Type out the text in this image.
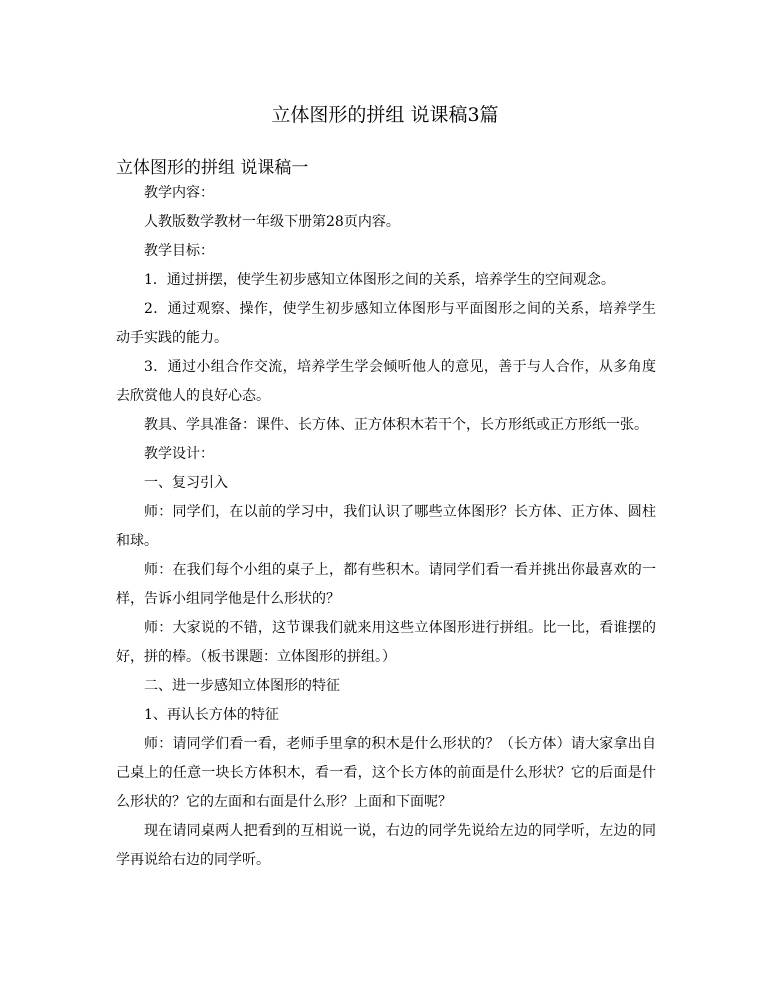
立体图形的拼组 说课稿3篇
立体图形的拼组 说课稿一

教学内容：

人教版数学教材一年级下册第28页内容。

教学目标：

1．通过拼摆，使学生初步感知立体图形之间的关系，培养学生的空间观念。

2．通过观察、操作，使学生初步感知立体图形与平面图形之间的关系，培养学生动手实践的能力。

3．通过小组合作交流，培养学生学会倾听他人的意见，善于与人合作，从多角度去欣赏他人的良好心态。

教具、学具准备：课件、长方体、正方体积木若干个，长方形纸或正方形纸一张。

教学设计：

一、复习引入

师：同学们，在以前的学习中，我们认识了哪些立体图形？长方体、正方体、圆柱和球。

师：在我们每个小组的桌子上，都有些积木。请同学们看一看并挑出你最喜欢的一样，告诉小组同学他是什么形状的？

师：大家说的不错，这节课我们就来用这些立体图形进行拼组。比一比，看谁摆的好，拼的棒。（板书课题：立体图形的拼组。）

二、进一步感知立体图形的特征

1、再认长方体的特征

师：请同学们看一看，老师手里拿的积木是什么形状的？（长方体）请大家拿出自己桌上的任意一块长方体积木，看一看，这个长方体的前面是什么形状？它的后面是什么形状的？它的左面和右面是什么形？上面和下面呢？

现在请同桌两人把看到的互相说一说，右边的同学先说给左边的同学听，左边的同学再说给右边的同学听。
